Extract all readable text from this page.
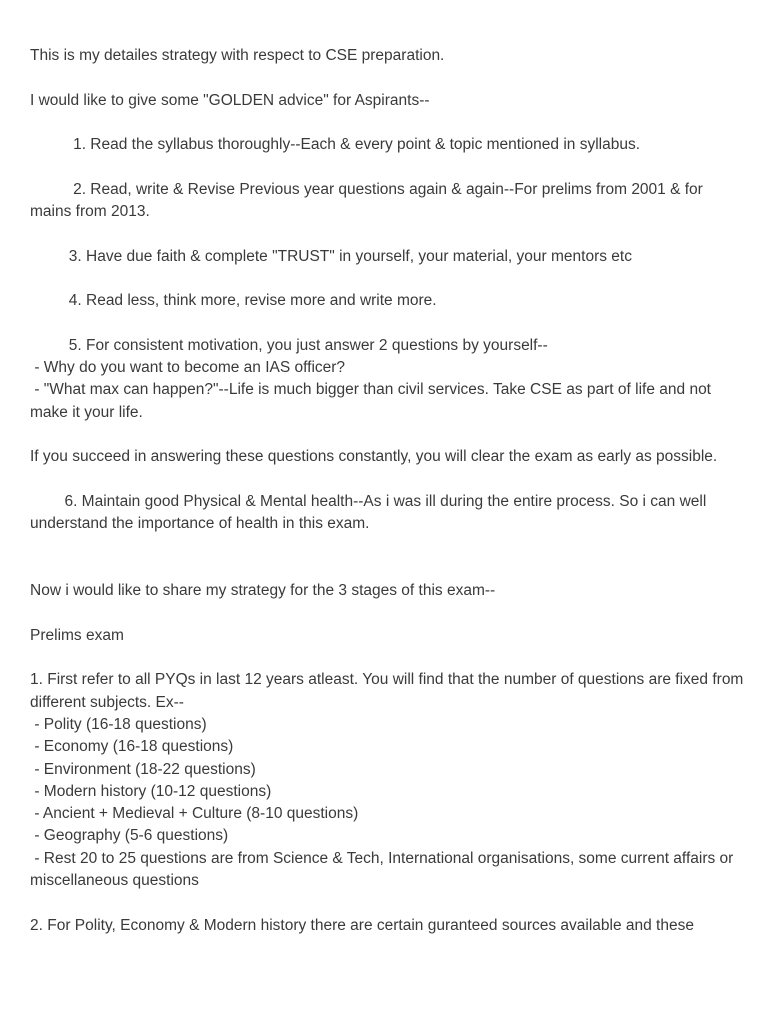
This is my detailes strategy with respect to CSE preparation.

I would like to give some "GOLDEN advice" for Aspirants--

1. Read the syllabus thoroughly--Each & every point & topic mentioned in syllabus.

2. Read, write & Revise Previous year questions again & again--For prelims from 2001 & for mains from 2013.

3. Have due faith & complete "TRUST" in yourself, your material, your mentors etc

4. Read less, think more, revise more and write more.

5. For consistent motivation, you just answer 2 questions by yourself--

- Why do you want to become an IAS officer?

- "What max can happen?"--Life is much bigger than civil services. Take CSE as part of life and not make it your life.

If you succeed in answering these questions constantly, you will clear the exam as early as possible.

6. Maintain good Physical & Mental health--As i was ill during the entire process. So i can well understand the importance of health in this exam.

Now i would like to share my strategy for the 3 stages of this exam--

Prelims exam

1. First refer to all PYQs in last 12 years atleast. You will find that the number of questions are fixed from different subjects. Ex--

- Polity (16-18 questions)

- Economy (16-18 questions)

- Environment (18-22 questions)

- Modern history (10-12 questions)

- Ancient + Medieval + Culture (8-10 questions)

- Geography (5-6 questions)

- Rest 20 to 25 questions are from Science & Tech, International organisations, some current affairs or miscellaneous questions

2. For Polity, Economy & Modern history there are certain guranteed sources available and these
